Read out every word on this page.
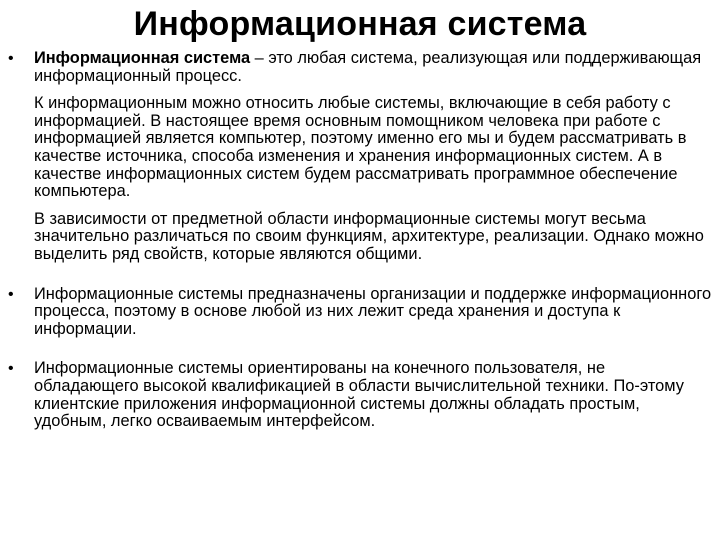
Информационная система
•	Информационная система – это любая система, реализующая или поддерживающая информационный процесс.

К информационным можно относить любые системы, включающие в себя работу с информацией. В настоящее время основным помощником человека при работе с информацией является компьютер, поэтому именно его мы и будем рассматривать в качестве источника, способа изменения и хранения информационных систем. А в качестве информационных систем будем рассматривать программное обеспечение компьютера.

В зависимости от предметной области информационные системы могут весьма значительно различаться по своим функциям, архитектуре, реализации. Однако можно выделить ряд свойств, которые являются общими.

•	Информационные системы предназначены организации и поддержке информационного процесса, поэтому в основе любой из них лежит среда хранения и доступа к информации.

•	Информационные системы ориентированы на конечного пользователя, не обладающего высокой квалификацией в области вычислительной техники. По-этому клиентские приложения информационной системы должны обладать простым, удобным, легко осваиваемым интерфейсом.
